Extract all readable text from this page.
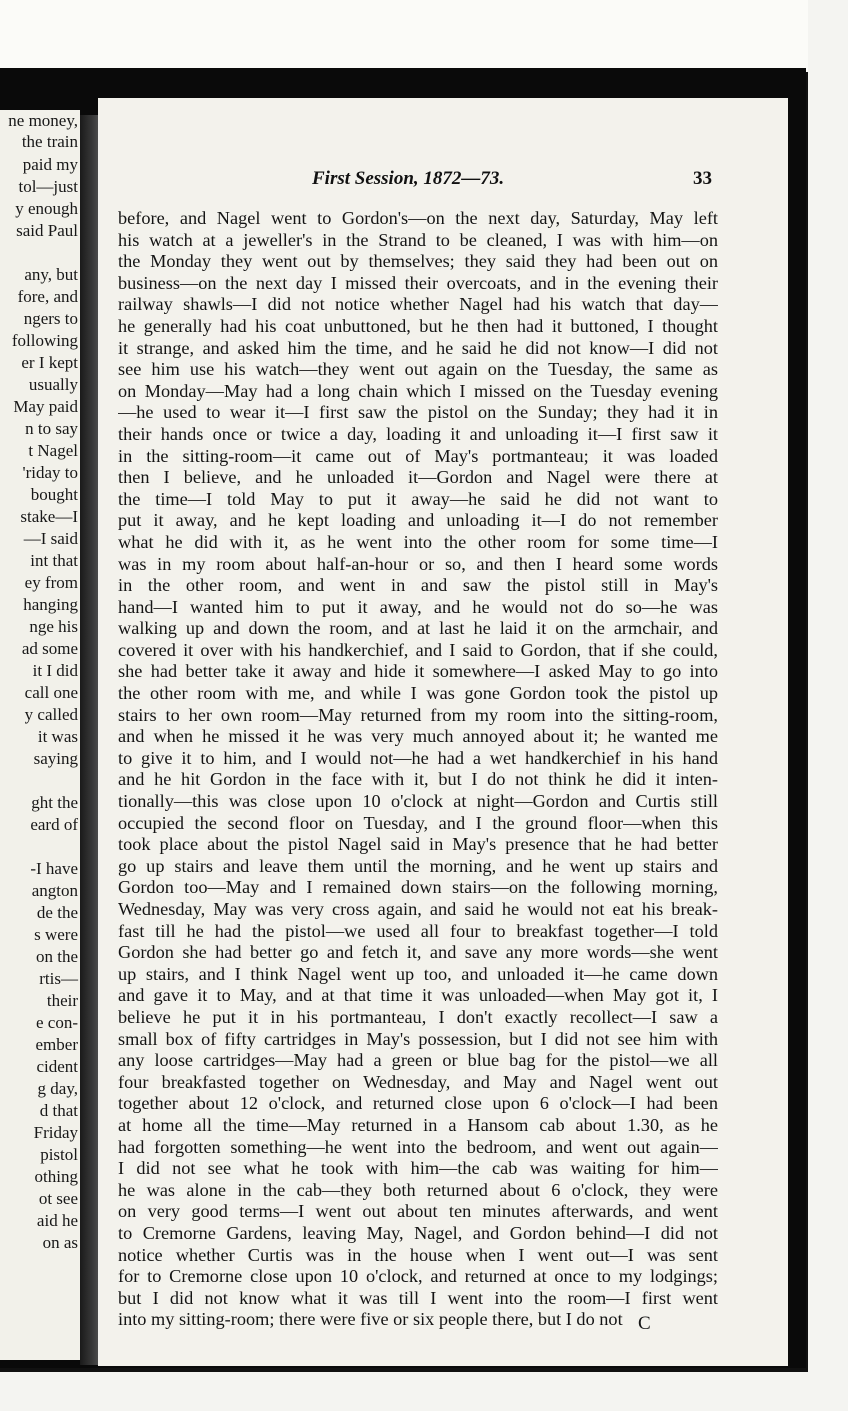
ne money,
the train
paid my
tol—just
y enough
said Paul
any, but
fore, and
ngers to
following
er I kept
usually
May paid
n to say
t Nagel
'riday to
bought
stake—I
—I said
int that
ey from
hanging
nge his
ad some
it I did
call one
y called
it was
saying
ght the
eard of
-I have
angton
de the
s were
on the
rtis—
their
e con-
ember
cident
g day,
d that
Friday
pistol
othing
ot see
aid he
on as
First Session, 1872—73.	33
before, and Nagel went to Gordon's—on the next day, Saturday, May left
his watch at a jeweller's in the Strand to be cleaned, I was with him—on
the Monday they went out by themselves; they said they had been out on
business—on the next day I missed their overcoats, and in the evening their
railway shawls—I did not notice whether Nagel had his watch that day—
he generally had his coat unbuttoned, but he then had it buttoned, I thought
it strange, and asked him the time, and he said he did not know—I did not
see him use his watch—they went out again on the Tuesday, the same as
on Monday—May had a long chain which I missed on the Tuesday evening
—he used to wear it—I first saw the pistol on the Sunday; they had it in
their hands once or twice a day, loading it and unloading it—I first saw it
in the sitting-room—it came out of May's portmanteau; it was loaded
then I believe, and he unloaded it—Gordon and Nagel were there at
the time—I told May to put it away—he said he did not want to
put it away, and he kept loading and unloading it—I do not remember
what he did with it, as he went into the other room for some time—I
was in my room about half-an-hour or so, and then I heard some words
in the other room, and went in and saw the pistol still in May's
hand—I wanted him to put it away, and he would not do so—he was
walking up and down the room, and at last he laid it on the armchair, and
covered it over with his handkerchief, and I said to Gordon, that if she could,
she had better take it away and hide it somewhere—I asked May to go into
the other room with me, and while I was gone Gordon took the pistol up
stairs to her own room—May returned from my room into the sitting-room,
and when he missed it he was very much annoyed about it; he wanted me
to give it to him, and I would not—he had a wet handkerchief in his hand
and he hit Gordon in the face with it, but I do not think he did it inten-
tionally—this was close upon 10 o'clock at night—Gordon and Curtis still
occupied the second floor on Tuesday, and I the ground floor—when this
took place about the pistol Nagel said in May's presence that he had better
go up stairs and leave them until the morning, and he went up stairs and
Gordon too—May and I remained down stairs—on the following morning,
Wednesday, May was very cross again, and said he would not eat his break-
fast till he had the pistol—we used all four to breakfast together—I told
Gordon she had better go and fetch it, and save any more words—she went
up stairs, and I think Nagel went up too, and unloaded it—he came down
and gave it to May, and at that time it was unloaded—when May got it, I
believe he put it in his portmanteau, I don't exactly recollect—I saw a
small box of fifty cartridges in May's possession, but I did not see him with
any loose cartridges—May had a green or blue bag for the pistol—we all
four breakfasted together on Wednesday, and May and Nagel went out
together about 12 o'clock, and returned close upon 6 o'clock—I had been
at home all the time—May returned in a Hansom cab about 1.30, as he
had forgotten something—he went into the bedroom, and went out again—
I did not see what he took with him—the cab was waiting for him—
he was alone in the cab—they both returned about 6 o'clock, they were
on very good terms—I went out about ten minutes afterwards, and went
to Cremorne Gardens, leaving May, Nagel, and Gordon behind—I did not
notice whether Curtis was in the house when I went out—I was sent
for to Cremorne close upon 10 o'clock, and returned at once to my lodgings;
but I did not know what it was till I went into the room—I first went
into my sitting-room; there were five or six people there, but I do not C
